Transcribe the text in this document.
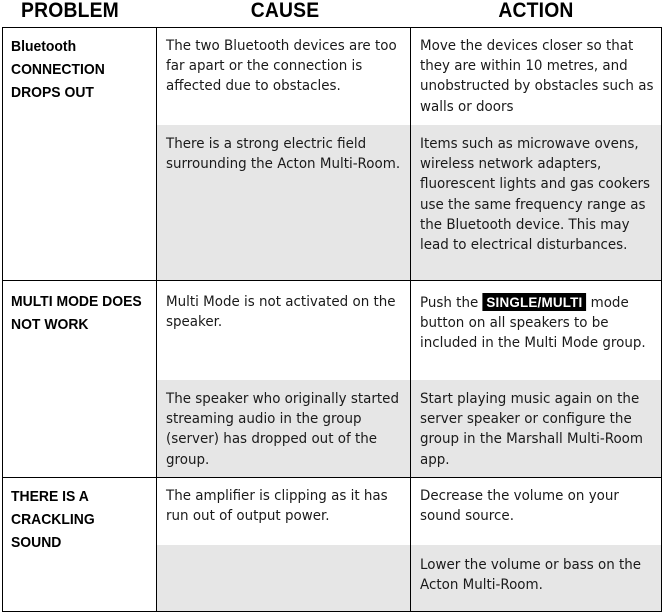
PROBLEM	CAUSE	ACTION
Bluetooth CONNECTION DROPS OUT
The two Bluetooth devices are too far apart or the connection is affected due to obstacles.
Move the devices closer so that they are within 10 metres, and unobstructed by obstacles such as walls or doors
There is a strong electric field surrounding the Acton Multi-Room.
Items such as microwave ovens, wireless network adapters, fluorescent lights and gas cookers use the same frequency range as the Bluetooth device. This may lead to electrical disturbances.
MULTI MODE DOES NOT WORK
Multi Mode is not activated on the speaker.
Push the SINGLE/MULTI mode button on all speakers to be included in the Multi Mode group.
The speaker who originally started streaming audio in the group (server) has dropped out of the group.
Start playing music again on the server speaker or configure the group in the Marshall Multi-Room app.
THERE IS A CRACKLING SOUND
The amplifier is clipping as it has run out of output power.
Decrease the volume on your sound source.
Lower the volume or bass on the Acton Multi-Room.
